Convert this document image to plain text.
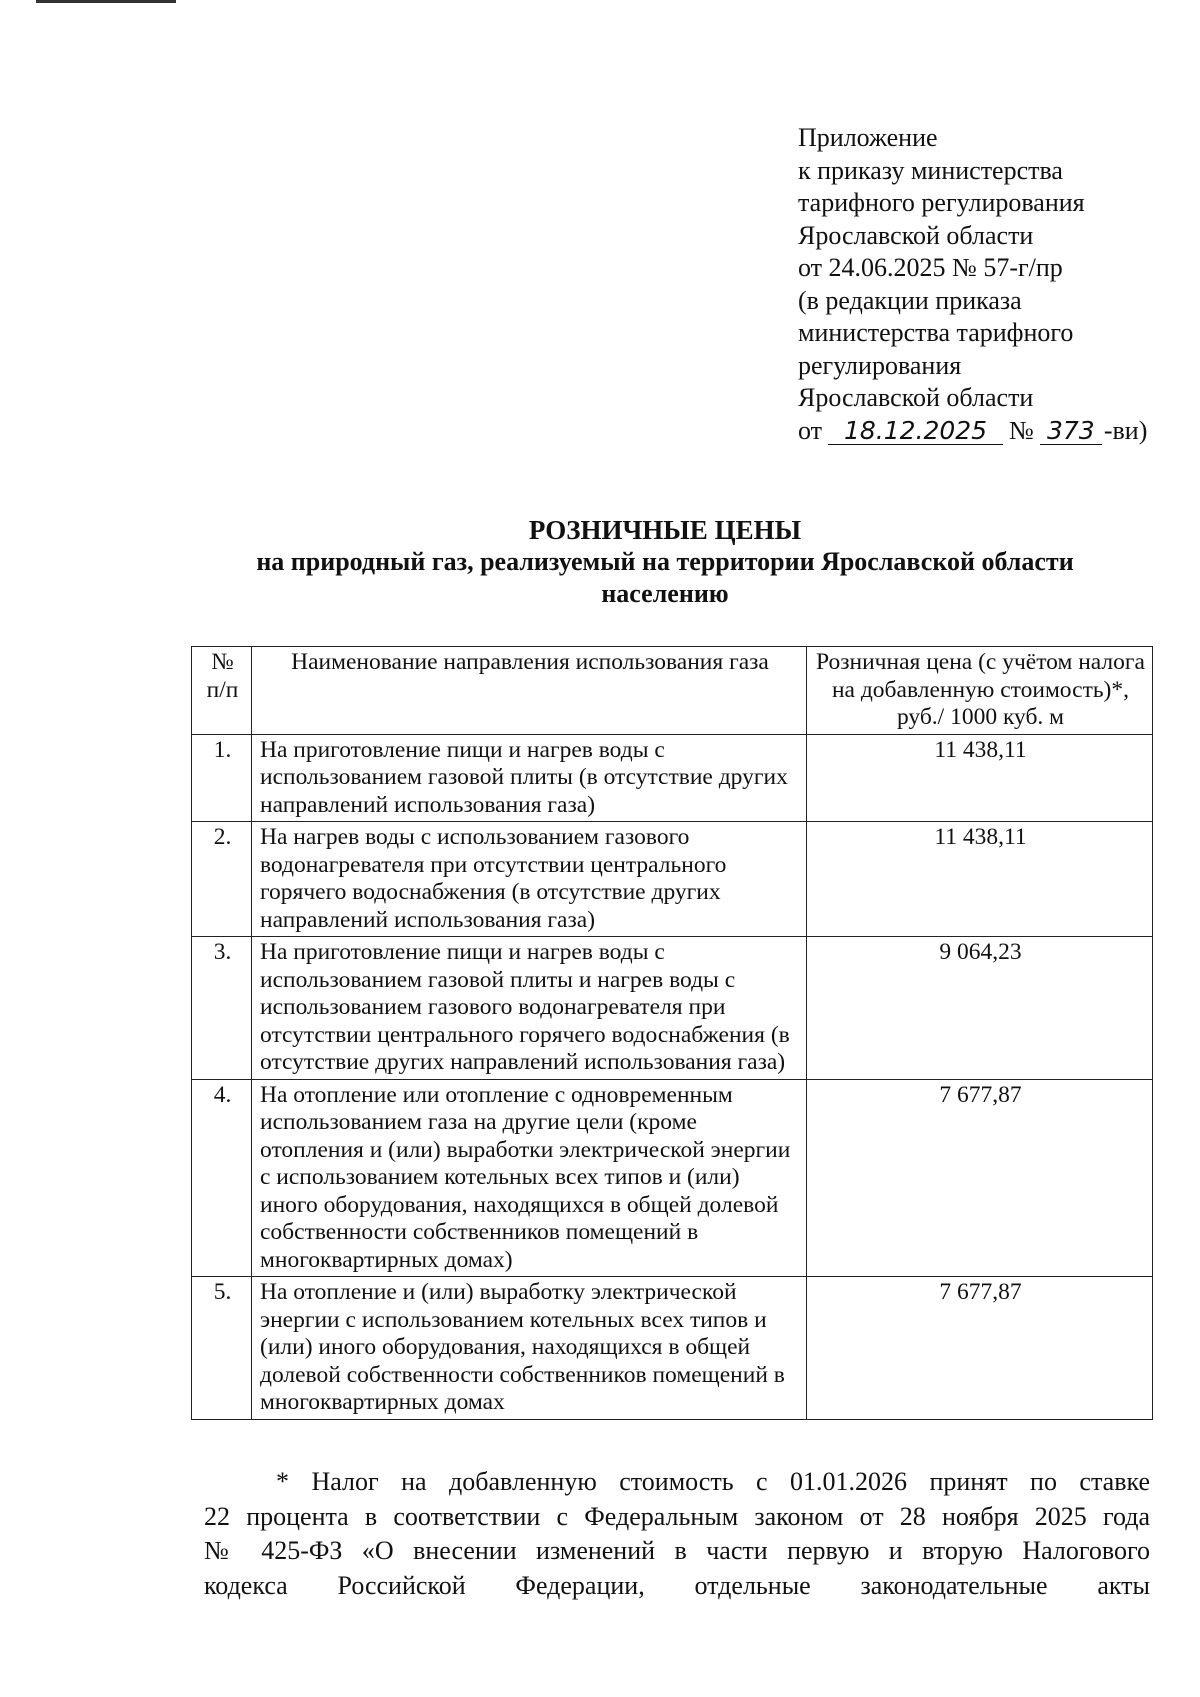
Приложение
к приказу министерства
тарифного регулирования
Ярославской области
от 24.06.2025 № 57-г/пр
(в редакции приказа
министерства тарифного
регулирования
Ярославской области
от 18.12.2025 № 373 -ви)
РОЗНИЧНЫЕ ЦЕНЫ
на природный газ, реализуемый на территории Ярославской области
населению
№ п/п	Наименование направления использования газа	Розничная цена (с учётом налога на добавленную стоимость)*, руб./ 1000 куб. м
1.	На приготовление пищи и нагрев воды с использованием газовой плиты (в отсутствие других направлений использования газа)	11 438,11
2.	На нагрев воды с использованием газового водонагревателя при отсутствии центрального горячего водоснабжения (в отсутствие других направлений использования газа)	11 438,11
3.	На приготовление пищи и нагрев воды с использованием газовой плиты и нагрев воды с использованием газового водонагревателя при отсутствии центрального горячего водоснабжения (в отсутствие других направлений использования газа)	9 064,23
4.	На отопление или отопление с одновременным использованием газа на другие цели (кроме отопления и (или) выработки электрической энергии с использованием котельных всех типов и (или) иного оборудования, находящихся в общей долевой собственности собственников помещений в многоквартирных домах)	7 677,87
5.	На отопление и (или) выработку электрической энергии с использованием котельных всех типов и (или) иного оборудования, находящихся в общей долевой собственности собственников помещений в многоквартирных домах	7 677,87
* Налог на добавленную стоимость с 01.01.2026 принят по ставке
22 процента в соответствии с Федеральным законом от 28 ноября 2025 года
№ 425-ФЗ «О внесении изменений в части первую и вторую Налогового
кодекса Российской Федерации, отдельные законодательные акты
